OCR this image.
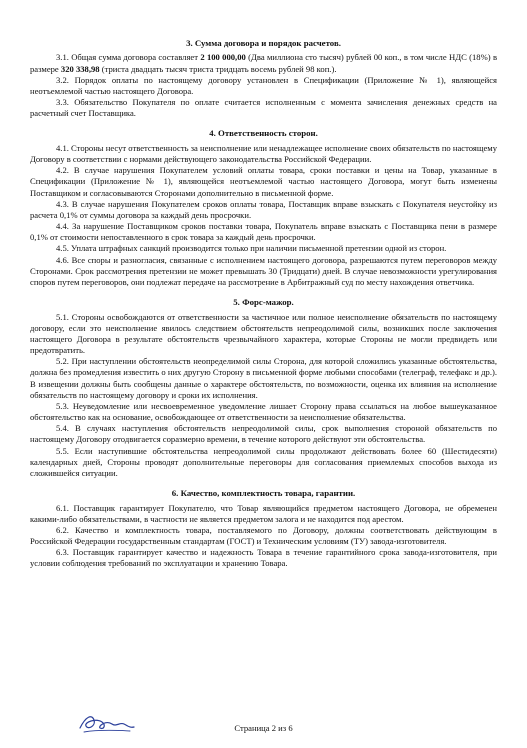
3. Сумма договора и порядок расчетов.

3.1. Общая сумма договора составляет 2 100 000,00 (Два миллиона сто тысяч) рублей 00 коп., в том числе НДС (18%) в размере 320 338,98 (триста двадцать тысяч триста тридцать восемь рублей 98 коп.).

3.2. Порядок оплаты по настоящему договору установлен в Спецификации (Приложение № 1), являющейся неотъемлемой частью настоящего Договора.

3.3. Обязательство Покупателя по оплате считается исполненным с момента зачисления денежных средств на расчетный счет Поставщика.

4. Ответственность сторон.

4.1. Стороны несут ответственность за неисполнение или ненадлежащее исполнение своих обязательств по настоящему Договору в соответствии с нормами действующего законодательства Российской Федерации.

4.2. В случае нарушения Покупателем условий оплаты товара, сроки поставки и цены на Товар, указанные в Спецификации (Приложение № 1), являющейся неотъемлемой частью настоящего Договора, могут быть изменены Поставщиком и согласовываются Сторонами дополнительно в письменной форме.

4.3. В случае нарушения Покупателем сроков оплаты товара, Поставщик вправе взыскать с Покупателя неустойку из расчета 0,1% от суммы договора за каждый день просрочки.

4.4. За нарушение Поставщиком сроков поставки товара, Покупатель вправе взыскать с Поставщика пени в размере 0,1% от стоимости непоставленного в срок товара за каждый день просрочки.

4.5. Уплата штрафных санкций производится только при наличии письменной претензии одной из сторон.

4.6. Все споры и разногласия, связанные с исполнением настоящего договора, разрешаются путем переговоров между Сторонами. Срок рассмотрения претензии не может превышать 30 (Тридцати) дней. В случае невозможности урегулирования споров путем переговоров, они подлежат передаче на рассмотрение в Арбитражный суд по месту нахождения ответчика.

5. Форс-мажор.

5.1. Стороны освобождаются от ответственности за частичное или полное неисполнение обязательств по настоящему договору, если это неисполнение явилось следствием обстоятельств непреодолимой силы, возникших после заключения настоящего Договора в результате обстоятельств чрезвычайного характера, которые Стороны не могли предвидеть или предотвратить.

5.2. При наступлении обстоятельств неопределимой силы Сторона, для которой сложились указанные обстоятельства, должна без промедления известить о них другую Сторону в письменной форме любыми способами (телеграф, телефакс и др.). В извещении должны быть сообщены данные о характере обстоятельств, по возможности, оценка их влияния на исполнение обязательств по настоящему договору и сроки их исполнения.

5.3. Неуведомление или несвоевременное уведомление лишает Сторону права ссылаться на любое вышеуказанное обстоятельство как на основание, освобождающее от ответственности за неисполнение обязательства.

5.4. В случаях наступления обстоятельств непреодолимой силы, срок выполнения стороной обязательств по настоящему Договору отодвигается соразмерно времени, в течение которого действуют эти обстоятельства.

5.5. Если наступившие обстоятельства непреодолимой силы продолжают действовать более 60 (Шестидесяти) календарных дней, Стороны проводят дополнительные переговоры для согласования приемлемых способов выхода из сложившейся ситуации.

6. Качество, комплектность товара, гарантии.

6.1. Поставщик гарантирует Покупателю, что Товар являющийся предметом настоящего Договора, не обременен какими-либо обязательствами, в частности не является предметом залога и не находится под арестом.

6.2. Качество и комплектность товара, поставляемого по Договору, должны соответствовать действующим в Российской Федерации государственным стандартам (ГОСТ) и Техническим условиям (ТУ) завода-изготовителя.

6.3. Поставщик гарантирует качество и надежность Товара в течение гарантийного срока завода-изготовителя, при условии соблюдения требований по эксплуатации и хранению Товара.

Страница 2 из 6
